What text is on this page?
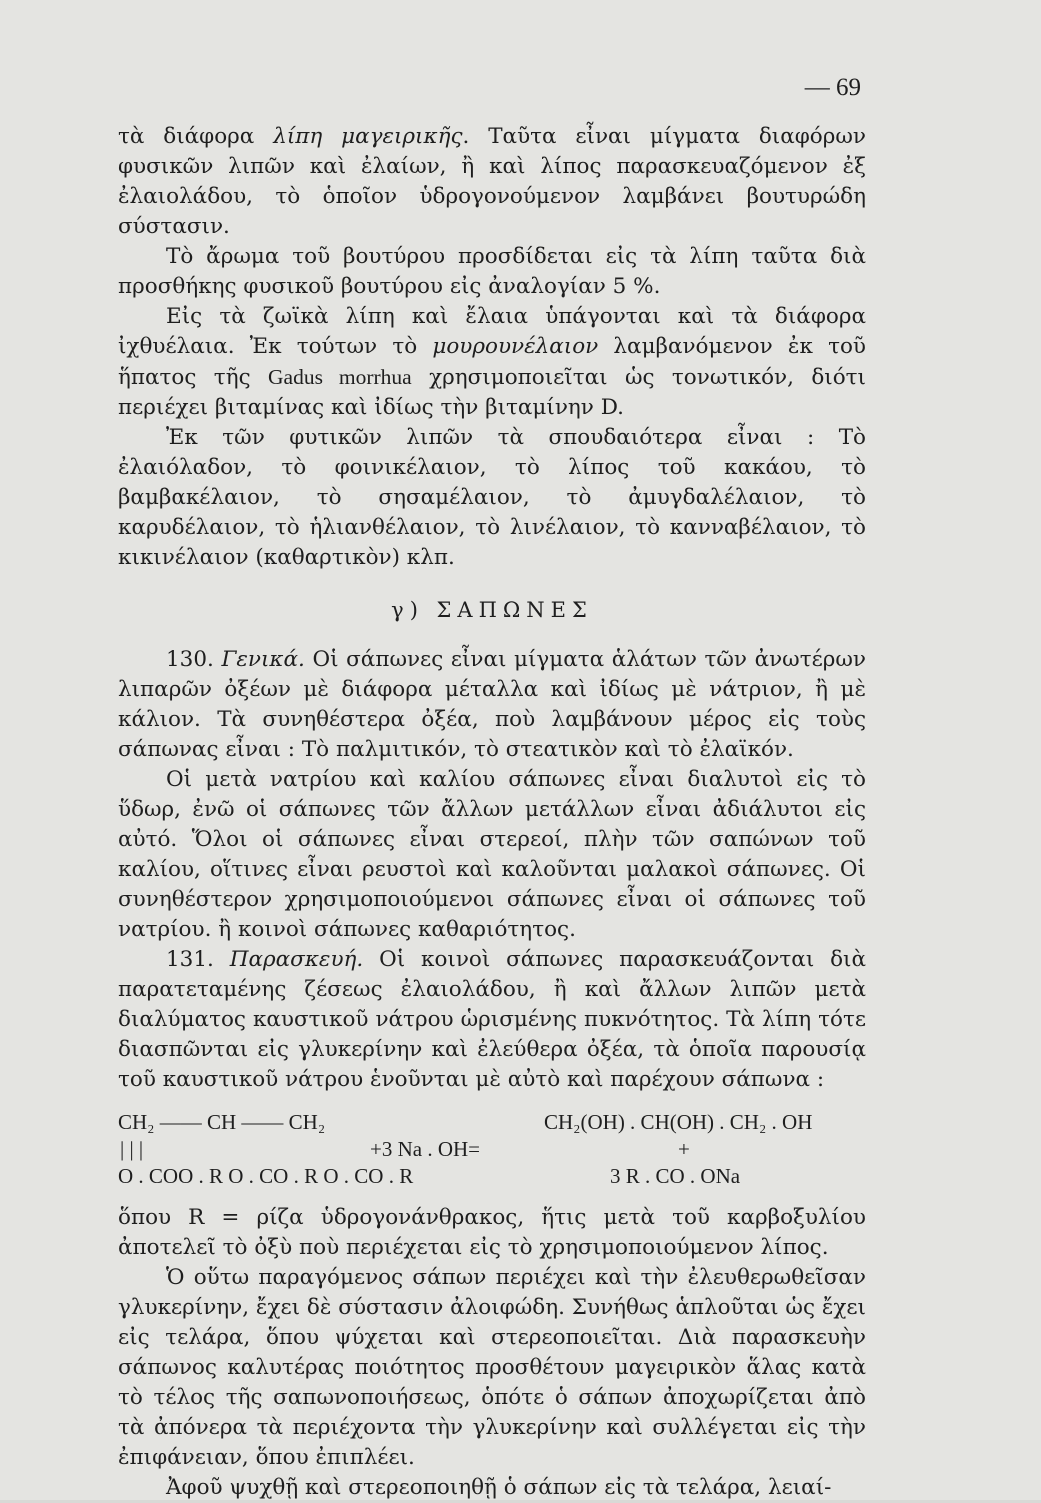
— 69

τὰ διάφορα λίπη μαγειρικῆς. Ταῦτα εἶναι μίγματα διαφόρων φυσικῶν λιπῶν καὶ ἐλαίων, ἢ καὶ λίπος παρασκευαζόμενον ἐξ ἐλαιολάδου, τὸ ὁποῖον ὑδρογονούμενον λαμβάνει βουτυρώδη σύστασιν.

Τὸ ἄρωμα τοῦ βουτύρου προσδίδεται εἰς τὰ λίπη ταῦτα διὰ προσθήκης φυσικοῦ βουτύρου εἰς ἀναλογίαν 5 %.

Εἰς τὰ ζωϊκὰ λίπη καὶ ἔλαια ὑπάγονται καὶ τὰ διάφορα ἰχθυέλαια. Ἐκ τούτων τὸ μουρουνέλαιον λαμβανόμενον ἐκ τοῦ ἥπατος τῆς Gadus morrhua χρησιμοποιεῖται ὡς τονωτικόν, διότι περιέχει βιταμίνας καὶ ἰδίως τὴν βιταμίνην D.

Ἐκ τῶν φυτικῶν λιπῶν τὰ σπουδαιότερα εἶναι : Τὸ ἐλαιόλαδον, τὸ φοινικέλαιον, τὸ λίπος τοῦ κακάου, τὸ βαμβακέλαιον, τὸ σησαμέλαιον, τὸ ἀμυγδαλέλαιον, τὸ καρυδέλαιον, τὸ ἡλιανθέλαιον, τὸ λινέλαιον, τὸ κανναβέλαιον, τὸ κικινέλαιον (καθαρτικὸν) κλπ.

γ) ΣΑΠΩΝΕΣ

130. Γενικά. Οἱ σάπωνες εἶναι μίγματα ἁλάτων τῶν ἀνωτέρων λιπαρῶν ὀξέων μὲ διάφορα μέταλλα καὶ ἰδίως μὲ νάτριον, ἢ μὲ κάλιον. Τὰ συνηθέστερα ὀξέα, ποὺ λαμβάνουν μέρος εἰς τοὺς σάπωνας εἶναι : Τὸ παλμιτικόν, τὸ στεατικὸν καὶ τὸ ἐλαϊκόν.

Οἱ μετὰ νατρίου καὶ καλίου σάπωνες εἶναι διαλυτοὶ εἰς τὸ ὕδωρ, ἐνῶ οἱ σάπωνες τῶν ἄλλων μετάλλων εἶναι ἀδιάλυτοι εἰς αὐτό. Ὅλοι οἱ σάπωνες εἶναι στερεοί, πλὴν τῶν σαπώνων τοῦ καλίου, οἵτινες εἶναι ρευστοὶ καὶ καλοῦνται μαλακοὶ σάπωνες. Οἱ συνηθέστερον χρησιμοποιούμενοι σάπωνες εἶναι οἱ σάπωνες τοῦ νατρίου. ἢ κοινοὶ σάπωνες καθαριότητος.

131. Παρασκευή. Οἱ κοινοὶ σάπωνες παρασκευάζονται διὰ παρατεταμένης ζέσεως ἐλαιολάδου, ἢ καὶ ἄλλων λιπῶν μετὰ διαλύματος καυστικοῦ νάτρου ὡρισμένης πυκνότητος. Τὰ λίπη τότε διασπῶνται εἰς γλυκερίνην καὶ ἐλεύθερα ὀξέα, τὰ ὁποῖα παρουσίᾳ τοῦ καυστικοῦ νάτρου ἑνοῦνται μὲ αὐτὸ καὶ παρέχουν σάπωνα :

CH₂ —— CH —— CH₂	CH₂(OH) . CH(OH) . CH₂ . OH
| | |	+3 Na . OH=	+
O . COO . R O . CO . R O . CO . R	3 R . CO . ONa

ὅπου R = ρίζα ὑδρογονάνθρακος, ἥτις μετὰ τοῦ καρβοξυλίου ἀποτελεῖ τὸ ὀξὺ ποὺ περιέχεται εἰς τὸ χρησιμοποιούμενον λίπος.

Ὁ οὕτω παραγόμενος σάπων περιέχει καὶ τὴν ἐλευθερωθεῖσαν γλυκερίνην, ἔχει δὲ σύστασιν ἀλοιφώδη. Συνήθως ἁπλοῦται ὡς ἔχει εἰς τελάρα, ὅπου ψύχεται καὶ στερεοποιεῖται. Διὰ παρασκευὴν σάπωνος καλυτέρας ποιότητος προσθέτουν μαγειρικὸν ἅλας κατὰ τὸ τέλος τῆς σαπωνοποιήσεως, ὁπότε ὁ σάπων ἀποχωρίζεται ἀπὸ τὰ ἀπόνερα τὰ περιέχοντα τὴν γλυκερίνην καὶ συλλέγεται εἰς τὴν ἐπιφάνειαν, ὅπου ἐπιπλέει.

Ἀφοῦ ψυχθῇ καὶ στερεοποιηθῇ ὁ σάπων εἰς τὰ τελάρα, λειαί-
